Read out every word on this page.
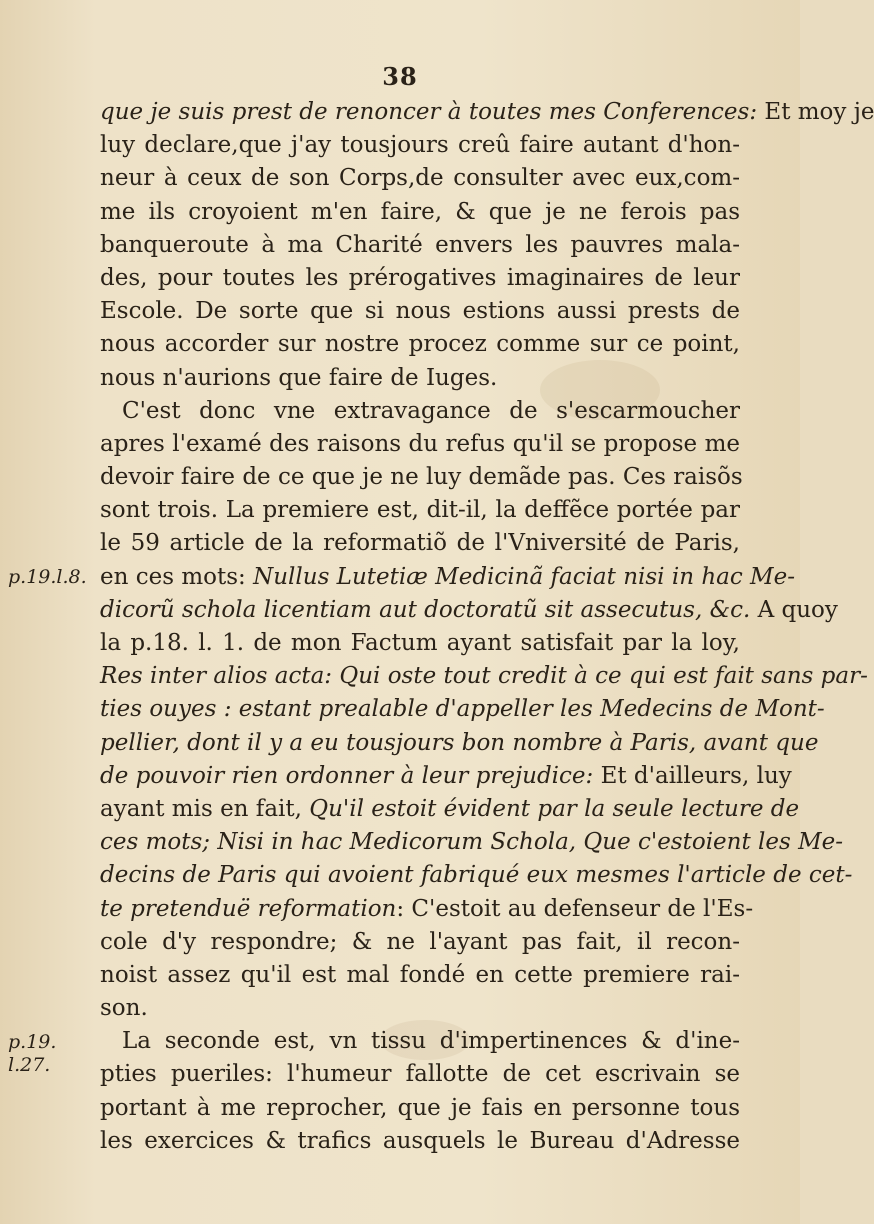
38
que je suis prest de renoncer à toutes mes Conferences: Et moy je
luy declare,que j'ay tousjours creû faire autant d'hon-
neur à ceux de son Corps,de consulter avec eux,com-
me ils croyoient m'en faire, & que je ne ferois pas
banqueroute à ma Charité envers les pauvres mala-
des, pour toutes les prérogatives imaginaires de leur
Escole. De sorte que si nous estions aussi prests de
nous accorder sur nostre procez comme sur ce point,
nous n'aurions que faire de Iuges.
C'est donc vne extravagance de s'escarmoucher
apres l'examé des raisons du refus qu'il se propose me
devoir faire de ce que je ne luy demãde pas. Ces raisõs
sont trois. La premiere est, dit-il, la deffẽce portée par
le 59 article de la reformatiõ de l'Vniversité de Paris,
en ces mots: Nullus Lutetiæ Medicinã faciat nisi in hac Me-
dicorũ schola licentiam aut doctoratũ sit assecutus, &c. A quoy
la p.18. l. 1. de mon Factum ayant satisfait par la loy,
Res inter alios acta: Qui oste tout credit à ce qui est fait sans par-
ties ouyes : estant prealable d'appeller les Medecins de Mont-
pellier, dont il y a eu tousjours bon nombre à Paris, avant que
de pouvoir rien ordonner à leur prejudice: Et d'ailleurs, luy
ayant mis en fait, Qu'il estoit évident par la seule lecture de
ces mots; Nisi in hac Medicorum Schola, Que c'estoient les Me-
decins de Paris qui avoient fabriqué eux mesmes l'article de cet-
te pretenduë reformation: C'estoit au defenseur de l'Es-
cole d'y respondre; & ne l'ayant pas fait, il recon-
noist assez qu'il est mal fondé en cette premiere rai-
son.
La seconde est, vn tissu d'impertinences & d'ine-
pties pueriles: l'humeur fallotte de cet escrivain se
portant à me reprocher, que je fais en personne tous
les exercices & trafics ausquels le Bureau d'Adresse
p.19.l.8.
p.19.
l.27.
